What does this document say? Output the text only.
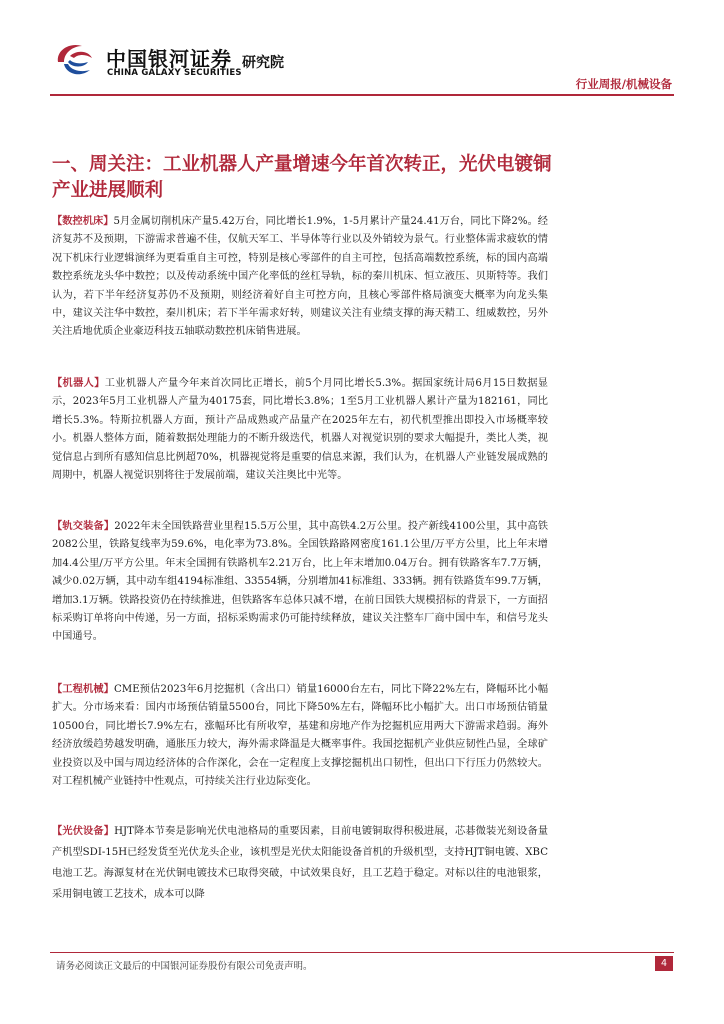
中国银河证券
CHINA GALAXY SECURITIES
研究院
行业周报/机械设备
一、周关注：工业机器人产量增速今年首次转正，光伏电镀铜产业进展顺利

【数控机床】5月金属切削机床产量5.42万台，同比增长1.9%，1-5月累计产量24.41万台，同比下降2%。经济复苏不及预期，下游需求普遍不佳，仅航天军工、半导体等行业以及外销较为景气。行业整体需求疲软的情况下机床行业逻辑演绎为更看重自主可控，特别是核心零部件的自主可控，包括高端数控系统，标的国内高端数控系统龙头华中数控；以及传动系统中国产化率低的丝杠导轨，标的秦川机床、恒立液压、贝斯特等。我们认为，若下半年经济复苏仍不及预期，则经济着好自主可控方向，且核心零部件格局演变大概率为向龙头集中，建议关注华中数控，秦川机床；若下半年需求好转，则建议关注有业绩支撑的海天精工、纽威数控，另外关注盾地优质企业豪迈科技五轴联动数控机床销售进展。

【机器人】工业机器人产量今年来首次同比正增长，前5个月同比增长5.3%。据国家统计局6月15日数据显示，2023年5月工业机器人产量为40175套，同比增长3.8%；1至5月工业机器人累计产量为182161，同比增长5.3%。特斯拉机器人方面，预计产品成熟或产品量产在2025年左右，初代机型推出即投入市场概率较小。机器人整体方面，随着数据处理能力的不断升级迭代，机器人对视觉识别的要求大幅提升，类比人类，视觉信息占到所有感知信息比例超70%，机器视觉将是重要的信息来源，我们认为，在机器人产业链发展成熟的周期中，机器人视觉识别将往于发展前端，建议关注奥比中光等。

【轨交装备】2022年末全国铁路营业里程15.5万公里，其中高铁4.2万公里。投产新线4100公里，其中高铁2082公里，铁路复线率为59.6%，电化率为73.8%。全国铁路路网密度161.1公里/万平方公里，比上年末增加4.4公里/万平方公里。年末全国拥有铁路机车2.21万台，比上年末增加0.04万台。拥有铁路客车7.7万辆，减少0.02万辆，其中动车组4194标准组、33554辆，分别增加41标准组、333辆。拥有铁路货车99.7万辆，增加3.1万辆。铁路投资仍在持续推进，但铁路客车总体只减不增，在前日国铁大规模招标的背景下，一方面招标采购订单将向中传递，另一方面，招标采购需求仍可能持续释放，建议关注整车厂商中国中车，和信号龙头中国通号。

【工程机械】CME预估2023年6月挖掘机（含出口）销量16000台左右，同比下降22%左右，降幅环比小幅扩大。分市场来看：国内市场预估销量5500台，同比下降50%左右，降幅环比小幅扩大。出口市场预估销量10500台，同比增长7.9%左右，涨幅环比有所收窄，基建和房地产作为挖掘机应用两大下游需求趋弱。海外经济放缓趋势越发明确，通胀压力较大，海外需求降温是大概率事件。我国挖掘机产业供应韧性凸显，全球矿业投资以及中国与周边经济体的合作深化，会在一定程度上支撑挖掘机出口韧性，但出口下行压力仍然较大。对工程机械产业链持中性观点，可持续关注行业边际变化。

【光伏设备】HJT降本节奏是影响光伏电池格局的重要因素，目前电镀铜取得积极进展，芯碁微装光刻设备量产机型SDI-15H已经发货至光伏龙头企业，该机型是光伏太阳能设备首机的升级机型，支持HJT铜电镀、XBC电池工艺。海源复材在光伏铜电镀技术已取得突破，中试效果良好，且工艺趋于稳定。对标以往的电池银浆，采用铜电镀工艺技术，成本可以降

请务必阅读正文最后的中国银河证券股份有限公司免责声明。	4
